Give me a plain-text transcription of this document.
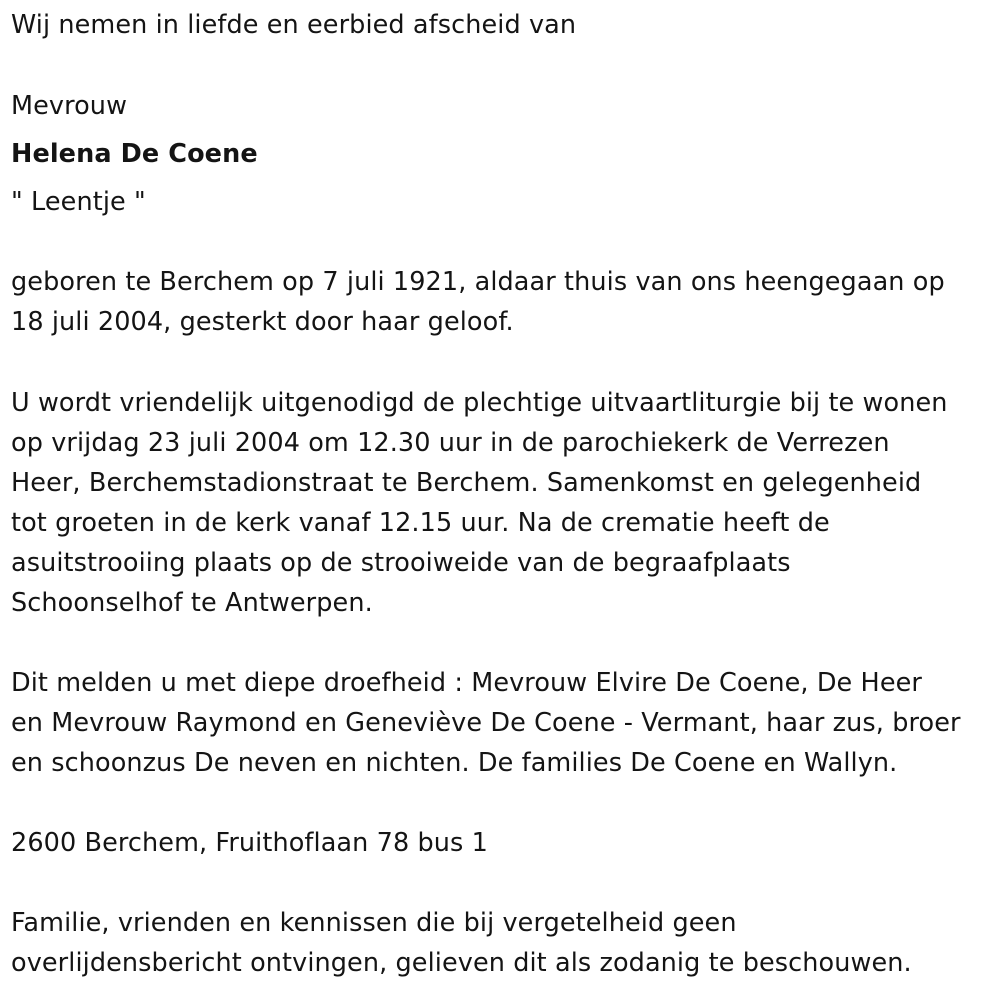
Wij nemen in liefde en eerbied afscheid van
Mevrouw
Helena De Coene
" Leentje "
geboren te Berchem op 7 juli 1921, aldaar thuis van ons heengegaan op
18 juli 2004, gesterkt door haar geloof.
U wordt vriendelijk uitgenodigd de plechtige uitvaartliturgie bij te wonen
op vrijdag 23 juli 2004 om 12.30 uur in de parochiekerk de Verrezen
Heer, Berchemstadionstraat te Berchem. Samenkomst en gelegenheid
tot groeten in de kerk vanaf 12.15 uur. Na de crematie heeft de
asuitstrooiing plaats op de strooiweide van de begraafplaats
Schoonselhof te Antwerpen.
Dit melden u met diepe droefheid : Mevrouw Elvire De Coene, De Heer
en Mevrouw Raymond en Geneviève De Coene - Vermant, haar zus, broer
en schoonzus De neven en nichten. De families De Coene en Wallyn.
2600 Berchem, Fruithoflaan 78 bus 1
Familie, vrienden en kennissen die bij vergetelheid geen
overlijdensbericht ontvingen, gelieven dit als zodanig te beschouwen.
